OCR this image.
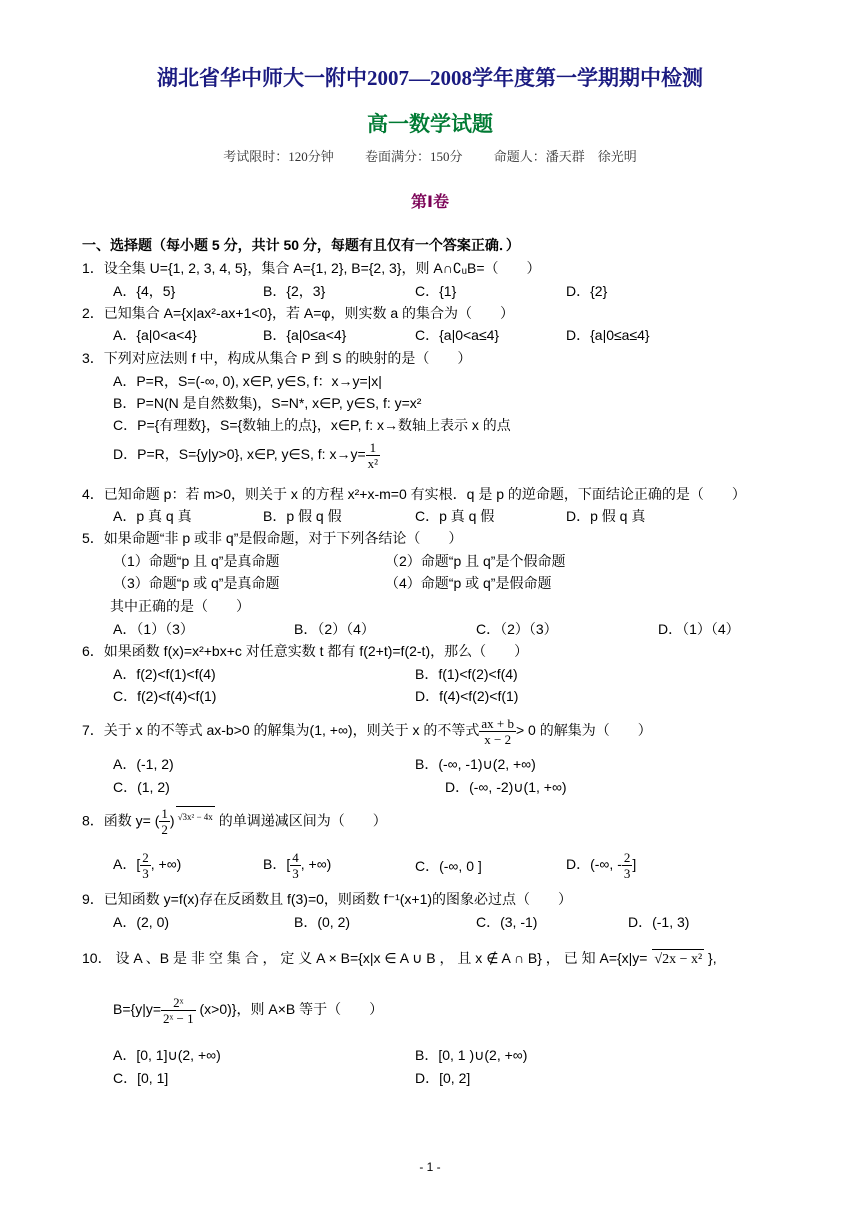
湖北省华中师大一附中2007—2008学年度第一学期期中检测
高一数学试题
考试限时：120分钟 卷面满分：150分 命题人：潘天群　徐光明
第Ⅰ卷
一、选择题（每小题 5 分，共计 50 分，每题有且仅有一个答案正确．）
1．设全集 U={1, 2, 3, 4, 5}，集合 A={1, 2}, B={2, 3}，则 A∩∁ᵤB=（　　）
A．{4，5}	B．{2，3}	C．{1}	D．{2}
2．已知集合 A={x|ax²-ax+1<0}，若 A=φ，则实数 a 的集合为（　　）
A．{a|0<a<4}	B．{a|0≤a<4}	C．{a|0<a≤4}	D．{a|0≤a≤4}
3．下列对应法则 f 中，构成从集合 P 到 S 的映射的是（　　）
A．P=R，S=(-∞, 0), x∈P, y∈S, f：x→y=|x|
B．P=N(N 是自然数集)，S=N*, x∈P, y∈S, f: y=x²
C．P={有理数}，S={数轴上的点}，x∈P, f: x→数轴上表示 x 的点
D．P=R，S={y|y>0}, x∈P, y∈S, f: $x\to y= \frac{1}{\text{x²}}$
4．已知命题 p：若 m>0，则关于 x 的方程 x²+x-m=0 有实根．q 是 p 的逆命题，下面结论正确的是（　　）
A．p 真 q 真	B．p 假 q 假	C．p 真 q 假	D．p 假 q 真
5．如果命题“非 p 或非 q”是假命题，对于下列各结论（　　）
（1）命题“p 且 q”是真命题	（2）命题“p 且 q”是个假命题
（3）命题“p 或 q”是真命题	（4）命题“p 或 q”是假命题
其中正确的是（　　）
A．（1）（3）	B．（2）（4）	C．（2）（3）	D．（1）（4）
6．如果函数 f(x)=x²+bx+c 对任意实数 t 都有 f(2+t)=f(2-t)，那么（　　）
A．f(2)<f(1)<f(4)	B．f(1)<f(2)<f(4)
C．f(2)<f(4)<f(1)	D．f(4)<f(2)<f(1)
7．关于 x 的不等式 ax-b>0 的解集为(1, +∞)，则关于 x 的不等式 $\frac{ax + b}{x - 2} > 0$ 的解集为（　　）
A．(-1, 2)	B．(-∞, -1)∪(2, +∞)
C．(1, 2)	D．(-∞, -2)∪(1, +∞)
8．函数 y= ( $\frac{1}{2}$ ) $^{√3x^2 - 4x}$ 的单调递减区间为（　　）
A．[ $\frac{2}{3}$ , +∞)	B．[ $\frac{4}{3}$ , +∞)	C．(-∞, 0 ]	D．(-∞, - $\frac{2}{3}$ ]
9．已知函数 y=f(x)存在反函数且 f(3)=0，则函数 f⁻¹(x+1)的图象必过点（　　）
A．(2, 0)	B．(0, 2)	C．(3, -1)	D．(-1, 3)
10． 设 A 、B 是 非 空 集 合 ， 定 义 A × B={x|x ∈ A ∪ B ， 且 x ∉ A ∩ B} ， 已 知 A={x|y= √2x − x² },
$B=\{y|y= \frac{\text{2ˣ}}{\text{2ˣ − 1}} (x>0)\}$，则 A×B 等于（　　）
A．[0, 1]∪(2, +∞)	B．[0, 1 )∪(2, +∞)
C．[0, 1]	D．[0, 2]
- 1 -
